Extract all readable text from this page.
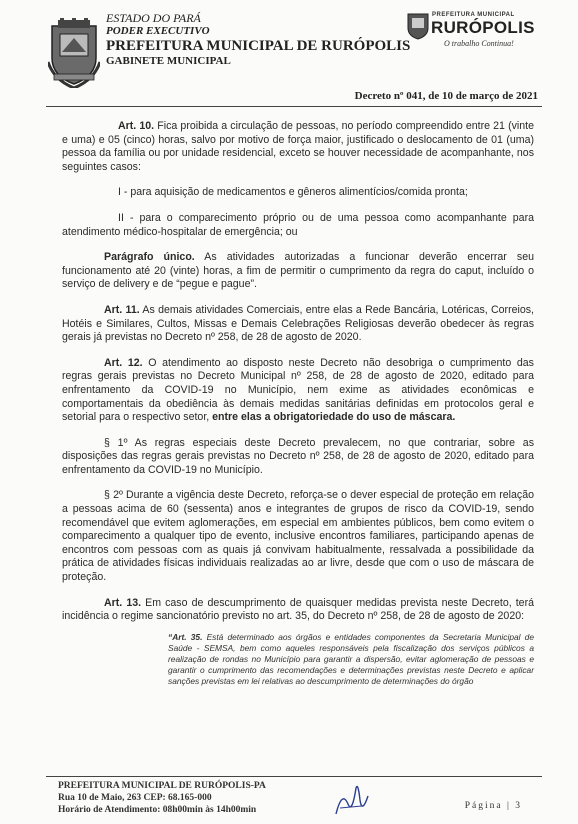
ESTADO DO PARÁ
PODER EXECUTIVO
PREFEITURA MUNICIPAL DE RURÓPOLIS
GABINETE MUNICIPAL
PREFEITURA MUNICIPAL
RURÓPOLIS
O trabalho Continua!
Decreto nº 041, de 10 de março de 2021

Art. 10. Fica proibida a circulação de pessoas, no período compreendido entre 21 (vinte e uma) e 05 (cinco) horas, salvo por motivo de força maior, justificado o deslocamento de 01 (uma) pessoa da família ou por unidade residencial, exceto se houver necessidade de acompanhante, nos seguintes casos:

I - para aquisição de medicamentos e gêneros alimentícios/comida pronta;

II - para o comparecimento próprio ou de uma pessoa como acompanhante para atendimento médico-hospitalar de emergência; ou

Parágrafo único. As atividades autorizadas a funcionar deverão encerrar seu funcionamento até 20 (vinte) horas, a fim de permitir o cumprimento da regra do caput, incluído o serviço de delivery e de “pegue e pague”.

Art. 11. As demais atividades Comerciais, entre elas a Rede Bancária, Lotéricas, Correios, Hotéis e Similares, Cultos, Missas e Demais Celebrações Religiosas deverão obedecer às regras gerais já previstas no Decreto nº 258, de 28 de agosto de 2020.

Art. 12. O atendimento ao disposto neste Decreto não desobriga o cumprimento das regras gerais previstas no Decreto Municipal nº 258, de 28 de agosto de 2020, editado para enfrentamento da COVID-19 no Município, nem exime as atividades econômicas e comportamentais da obediência às demais medidas sanitárias definidas em protocolos geral e setorial para o respectivo setor, entre elas a obrigatoriedade do uso de máscara.

§ 1º As regras especiais deste Decreto prevalecem, no que contrariar, sobre as disposições das regras gerais previstas no Decreto nº 258, de 28 de agosto de 2020, editado para enfrentamento da COVID-19 no Município.

§ 2º Durante a vigência deste Decreto, reforça-se o dever especial de proteção em relação a pessoas acima de 60 (sessenta) anos e integrantes de grupos de risco da COVID-19, sendo recomendável que evitem aglomerações, em especial em ambientes públicos, bem como evitem o comparecimento a qualquer tipo de evento, inclusive encontros familiares, participando apenas de encontros com pessoas com as quais já convivam habitualmente, ressalvada a possibilidade da prática de atividades físicas individuais realizadas ao ar livre, desde que com o uso de máscara de proteção.

Art. 13. Em caso de descumprimento de quaisquer medidas prevista neste Decreto, terá incidência o regime sancionatório previsto no art. 35, do Decreto nº 258, de 28 de agosto de 2020:

“Art. 35. Está determinado aos órgãos e entidades componentes da Secretaria Municipal de Saúde - SEMSA, bem como aqueles responsáveis pela fiscalização dos serviços públicos a realização de rondas no Município para garantir a dispersão, evitar aglomeração de pessoas e garantir o cumprimento das recomendações e determinações previstas neste Decreto e aplicar sanções previstas em lei relativas ao descumprimento de determinações do órgão

PREFEITURA MUNICIPAL DE RURÓPOLIS-PA
Rua 10 de Maio, 263 CEP: 68.165-000
Horário de Atendimento: 08h00min às 14h00min	Página | 3
